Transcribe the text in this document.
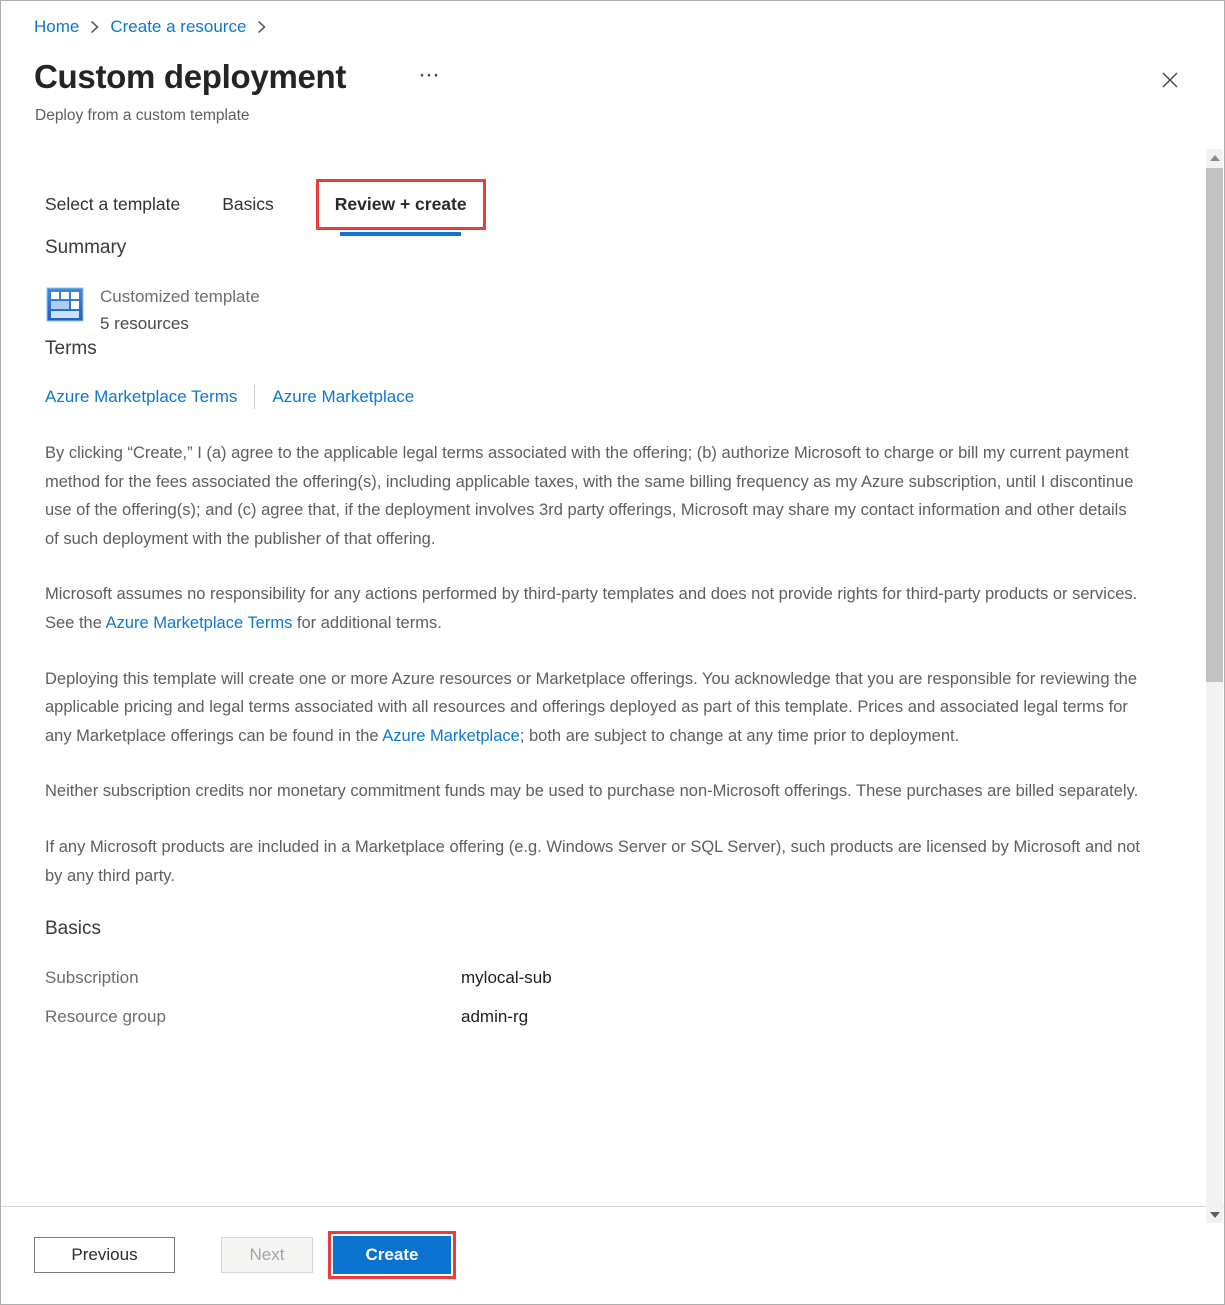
Home Create a resource
Custom deployment	···
Deploy from a custom template
Select a template Basics	Review + create
Summary
Customized template
5 resources
Terms
Azure Marketplace Terms Azure Marketplace

By clicking “Create,” I (a) agree to the applicable legal terms associated with the offering; (b) authorize Microsoft to charge or bill my current payment method for the fees associated the offering(s), including applicable taxes, with the same billing frequency as my Azure subscription, until I discontinue use of the offering(s); and (c) agree that, if the deployment involves 3rd party offerings, Microsoft may share my contact information and other details of such deployment with the publisher of that offering.

Microsoft assumes no responsibility for any actions performed by third-party templates and does not provide rights for third-party products or services. See the Azure Marketplace Terms for additional terms.

Deploying this template will create one or more Azure resources or Marketplace offerings. You acknowledge that you are responsible for reviewing the applicable pricing and legal terms associated with all resources and offerings deployed as part of this template. Prices and associated legal terms for any Marketplace offerings can be found in the Azure Marketplace; both are subject to change at any time prior to deployment.

Neither subscription credits nor monetary commitment funds may be used to purchase non-Microsoft offerings. These purchases are billed separately.

If any Microsoft products are included in a Marketplace offering (e.g. Windows Server or SQL Server), such products are licensed by Microsoft and not by any third party.

Basics
Subscription	mylocal-sub
Resource group	admin-rg
Previous	Next	Create
